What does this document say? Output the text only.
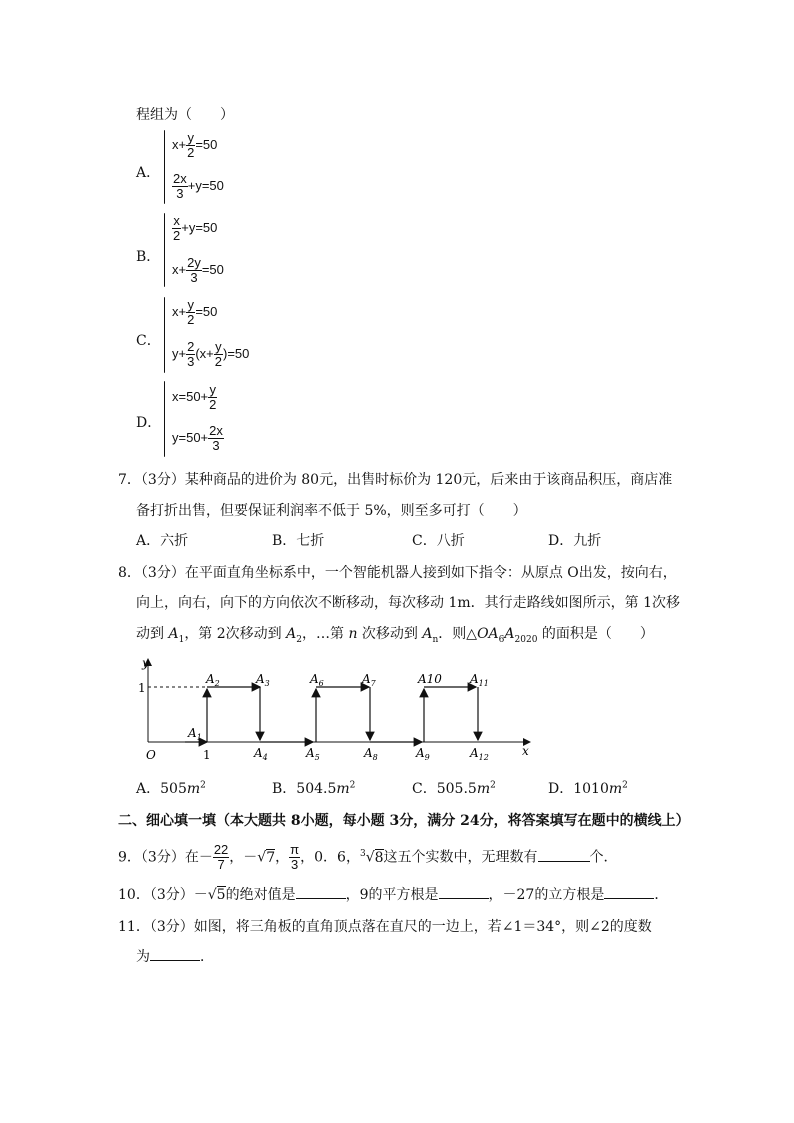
程组为（　　）
A．
$x+ \frac{y}{2} =50$
$\frac{2x}{3} +y=50$
B．
$\frac{x}{2} +y=50$
$x+ \frac{2y}{3} =50$
C．
$x+ \frac{y}{2} =50$
$y+ \frac{2}{3} (x+ \frac{y}{2} )=50$
D．
$x=50+ \frac{y}{2}$
$y=50+ \frac{2x}{3}$
7．（3分）某种商品的进价为 80元，出售时标价为 120元，后来由于该商品积压，商店准
备打折出售，但要保证利润率不低于 5%，则至多可打（　　）
A．六折	B．七折	C．八折	D．九折
8．（3分）在平面直角坐标系中，一个智能机器人接到如下指令：从原点 O出发，按向右，
向上，向右，向下的方向依次不断移动，每次移动 1m．其行走路线如图所示，第 1次移
动到 $A_1$，第 2次移动到 $A_2$，…第 n 次移动到 $A_n$．则$\triangle OA_6A_{2020}$ 的面积是（　　）
y
x
O
1
1
$A_1$
$A_2$	$A_3$
$A_4$	$A_5$
$A_6$	$A_7$
$A_8$	$A_9$
A10 $A_{11}$
$A_{12}$
A．$505m^2$	B．$504.5m^2$	C．$505.5m^2$	D．$1010m^2$
二、细心填一填（本大题共 8小题，每小题 3分，满分 24分，将答案填写在题中的横线上）
9．（3分）在－ $\frac{22}{7}$ ，－√7， $\frac{\pi}{3}$ ，0．6，$^3$√8这五个实数中，无理数有	个．
10．（3分）－√5的绝对值是	，9的平方根是	，－27的立方根是	．
11．（3分）如图，将三角板的直角顶点落在直尺的一边上，若∠1＝34°，则∠2的度数
为	．
